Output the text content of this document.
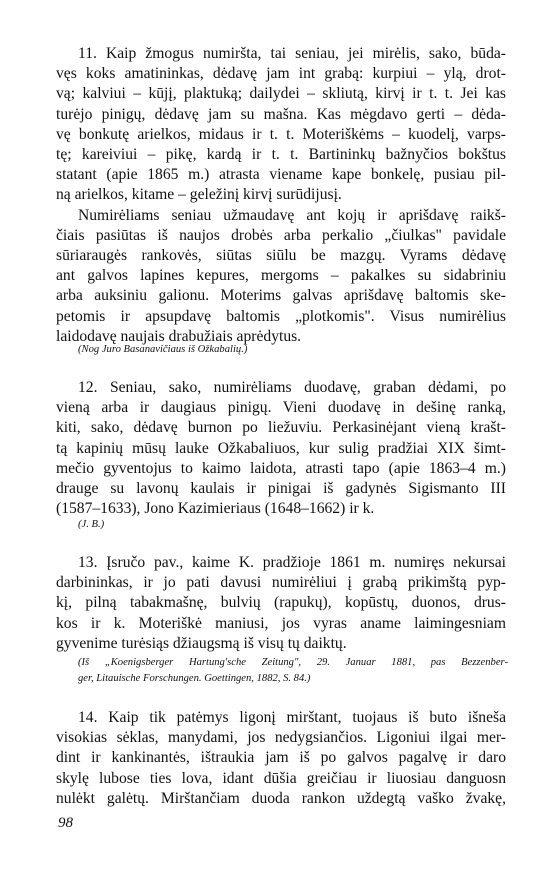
11. Kaip žmogus numiršta, tai seniau, jei mirėlis, sako, būda-
vęs koks amatininkas, dėdavę jam int grabą: kurpiui – ylą, drot-
vą; kalviui – kūjį, plaktuką; dailydei – skliutą, kirvį ir t. t. Jei kas
turėjo pinigų, dėdavę jam su mašna. Kas mėgdavo gerti – dėda-
vę bonkutę arielkos, midaus ir t. t. Moteriškėms – kuodelį, varps-
tę; kareiviui – pikę, kardą ir t. t. Bartininkų bažnyčios bokštus
statant (apie 1865 m.) atrasta viename kape bonkelę, pusiau pil-
ną arielkos, kitame – geležinį kirvį surūdijusį.
Numirėliams seniau užmaudavę ant kojų ir aprišdavę raikš-
čiais pasiūtas iš naujos drobės arba perkalio „čiulkas" pavidale
sūriaraugės rankovės, siūtas siūlu be mazgų. Vyrams dėdavę
ant galvos lapines kepures, mergoms – pakalkes su sidabriniu
arba auksiniu galionu. Moterims galvas aprišdavę baltomis ske-
petomis ir apsupdavę baltomis „plotkomis". Visus numirėlius
laidodavę naujais drabužiais aprėdytus.
(Nog Juro Basanavičiaus iš Ožkabalių.)
12. Seniau, sako, numirėliams duodavę, graban dėdami, po
vieną arba ir daugiaus pinigų. Vieni duodavę in dešinę ranką,
kiti, sako, dėdavę burnon po liežuviu. Perkasinėjant vieną krašt-
tą kapinių mūsų lauke Ožkabaliuos, kur sulig pradžiai XIX šimt-
mečio gyventojus to kaimo laidota, atrasti tapo (apie 1863–4 m.)
drauge su lavonų kaulais ir pinigai iš gadynės Sigismanto III
(1587–1633), Jono Kazimieriaus (1648–1662) ir k.
(J. B.)
13. Įsručo pav., kaime K. pradžioje 1861 m. numiręs nekursai
darbininkas, ir jo pati davusi numirėliui į grabą prikimštą pyp-
kį, pilną tabakmašnę, bulvių (rapukų), kopūstų, duonos, drus-
kos ir k. Moteriškė maniusi, jos vyras aname laimingesniam
gyvenime turėsiąs džiaugsmą iš visų tų daiktų.
(Iš „Koenigsberger Hartung'sche Zeitung", 29. Januar 1881, pas Bezzenber-
ger, Litauische Forschungen. Goettingen, 1882, S. 84.)
14. Kaip tik patėmys ligonį mirštant, tuojaus iš buto išneša
visokias sėklas, manydami, jos nedygsiančios. Ligoniui ilgai mer-
dint ir kankinantės, ištraukia jam iš po galvos pagalvę ir daro
skylę lubose ties lova, idant dūšia greičiau ir liuosiau danguosn
nulėkt galėtų. Mirštančiam duoda rankon uždegtą vaško žvakę,
98
